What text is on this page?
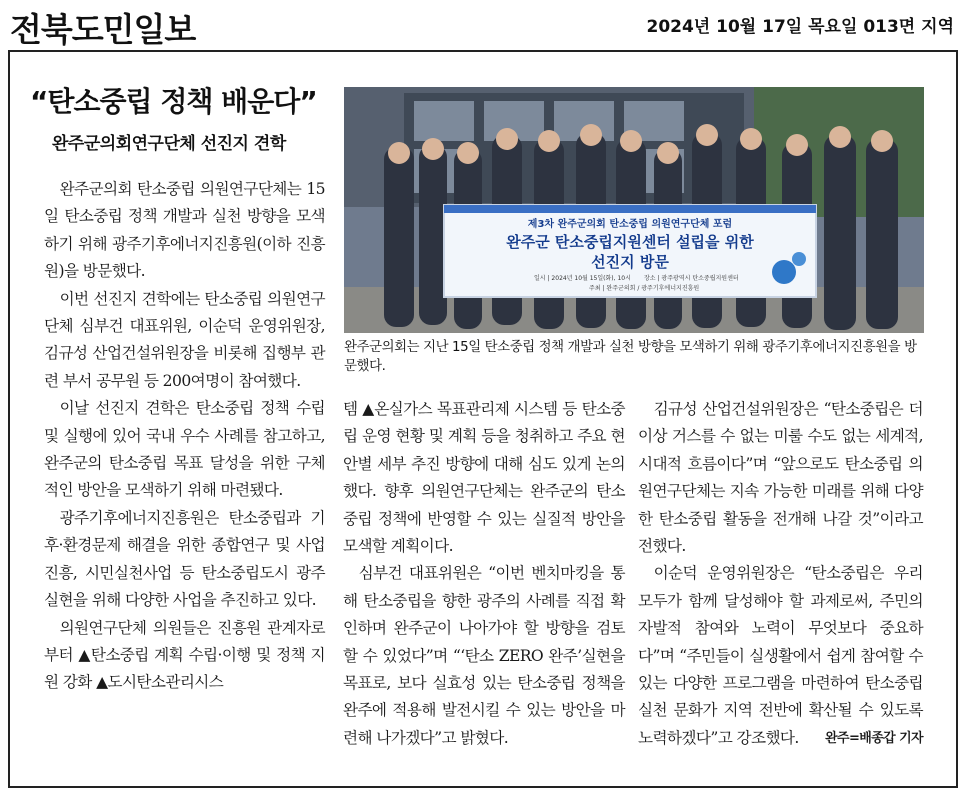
전북도민일보	2024년 10월 17일 목요일 013면 지역
“탄소중립 정책 배운다”
완주군의회연구단체 선진지 견학

완주군의회 탄소중립 의원연구단체는 15일 탄소중립 정책 개발과 실천 방향을 모색하기 위해 광주기후에너지진흥원(이하 진흥원)을 방문했다.

이번 선진지 견학에는 탄소중립 의원연구단체 심부건 대표위원, 이순덕 운영위원장, 김규성 산업건설위원장을 비롯해 집행부 관련 부서 공무원 등 200여명이 참여했다.

이날 선진지 견학은 탄소중립 정책 수립 및 실행에 있어 국내 우수 사례를 참고하고, 완주군의 탄소중립 목표 달성을 위한 구체적인 방안을 모색하기 위해 마련됐다.

광주기후에너지진흥원은 탄소중립과 기후·환경문제 해결을 위한 종합연구 및 사업진흥, 시민실천사업 등 탄소중립도시 광주 실현을 위해 다양한 사업을 추진하고 있다.

의원연구단체 의원들은 진흥원 관계자로부터 ▲탄소중립 계획 수립·이행 및 정책 지원 강화 ▲도시탄소관리시스

제3차 완주군의회 탄소중립 의원연구단체 포럼
완주군 탄소중립지원센터 설립을 위한
선진지 방문
일시 | 2024년 10월 15일(화), 10시 장소 | 광주광역시 탄소중립지원센터
주최 | 완주군의회 / 광주기후에너지진흥원
완주군의회는 지난 15일 탄소중립 정책 개발과 실천 방향을 모색하기 위해 광주기후에너지진흥원을 방문했다.

템 ▲온실가스 목표관리제 시스템 등 탄소중립 운영 현황 및 계획 등을 청취하고 주요 현안별 세부 추진 방향에 대해 심도 있게 논의했다. 향후 의원연구단체는 완주군의 탄소중립 정책에 반영할 수 있는 실질적 방안을 모색할 계획이다.

심부건 대표위원은 “이번 벤치마킹을 통해 탄소중립을 향한 광주의 사례를 직접 확인하며 완주군이 나아가야 할 방향을 검토할 수 있었다”며 “‘탄소 ZERO 완주’실현을 목표로, 보다 실효성 있는 탄소중립 정책을 완주에 적용해 발전시킬 수 있는 방안을 마련해 나가겠다”고 밝혔다.

김규성 산업건설위원장은 “탄소중립은 더 이상 거스를 수 없는 미룰 수도 없는 세계적, 시대적 흐름이다”며 “앞으로도 탄소중립 의원연구단체는 지속 가능한 미래를 위해 다양한 탄소중립 활동을 전개해 나갈 것”이라고 전했다.

이순덕 운영위원장은 “탄소중립은 우리 모두가 함께 달성해야 할 과제로써, 주민의 자발적 참여와 노력이 무엇보다 중요하다”며 “주민들이 실생활에서 쉽게 참여할 수 있는 다양한 프로그램을 마련하여 탄소중립 실천 문화가 지역 전반에 확산될 수 있도록 노력하겠다”고 강조했다.	완주=배종갑 기자
